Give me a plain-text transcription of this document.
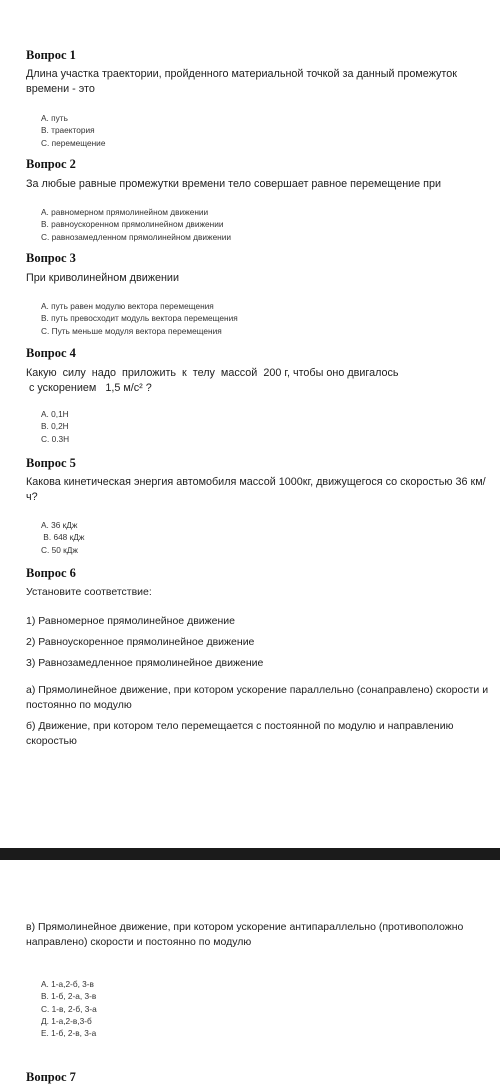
Вопрос 1
Длина участка траектории, пройденного материальной точкой за данный промежуток времени - это
А. путь
В. траектория
С. перемещение
Вопрос 2
За любые равные промежутки времени тело совершает равное перемещение при
А. равномерном прямолинейном движении
В. равноускоренном прямолинейном движении
С. равнозамедленном прямолинейном движении
Вопрос 3
При криволинейном движении
А. путь равен модулю вектора перемещения
В. путь превосходит модуль вектора перемещения
С. Путь меньше модуля вектора перемещения
Вопрос 4
Какую  силу  надо  приложить  к  телу  массой  200 г, чтобы оно двигалось
с ускорением   1,5 м/с² ?
А. 0,1Н
В. 0,2Н
С. 0.3Н
Вопрос 5
Какова кинетическая энергия автомобиля массой 1000кг, движущегося со скоростью 36 км/ч?
А. 36 кДж
В. 648 кДж
С. 50 кДж
Вопрос 6
Установите соответствие:
1) Равномерное прямолинейное движение
2) Равноускоренное прямолинейное движение
3) Равнозамедленное прямолинейное движение
а) Прямолинейное движение, при котором ускорение параллельно (сонаправлено) скорости и постоянно по модулю
б) Движение, при котором тело перемещается с постоянной по модулю и направлению скоростью
в) Прямолинейное движение, при котором ускорение антипараллельно (противоположно направлено) скорости и постоянно по модулю
А. 1-а,2-б, 3-в
В. 1-б, 2-а, 3-в
С. 1-в, 2-б, 3-а
Д. 1-а,2-в,3-б
Е. 1-б, 2-в, 3-а
Вопрос 7
